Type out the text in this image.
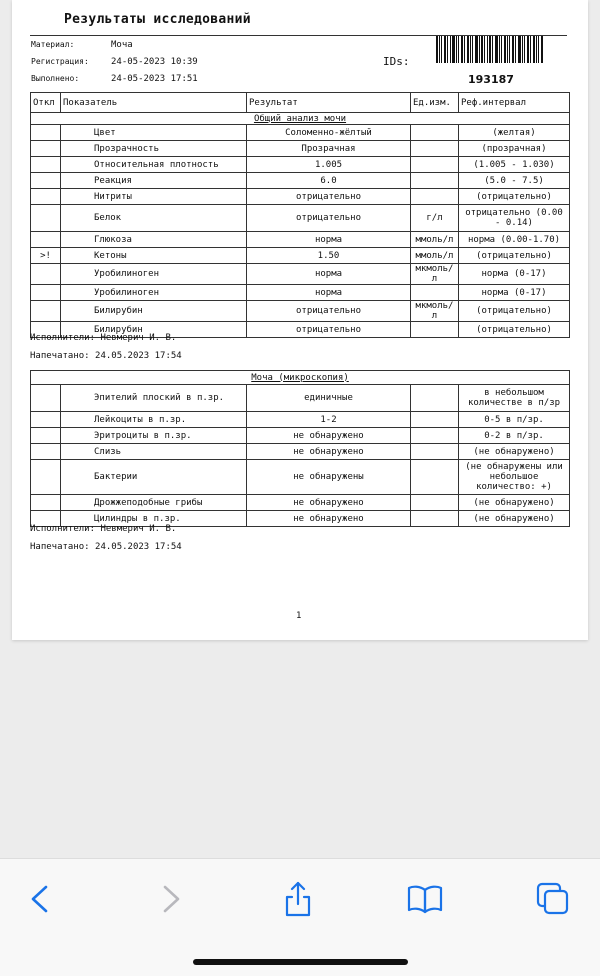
Результаты исследований
Материал:	Моча
Регистрация: 24-05-2023 10:39
Выполнено:	24-05-2023 17:51
IDs:
193187
Откл	Показатель	Результат	Ед.изм.	Реф.интервал
Общий анализ мочи				
	Цвет	Соломенно-жёлтый		(желтая)
	Прозрачность	Прозрачная		(прозрачная)
	Относительная плотность	1.005		(1.005 - 1.030)
	Реакция	6.0		(5.0 - 7.5)
	Нитриты	отрицательно		(отрицательно)
	Белок	отрицательно	г/л	отрицательно (0.00 - 0.14)
	Глюкоза	норма	ммоль/л	норма (0.00-1.70)
>!	Кетоны	1.50	ммоль/л	(отрицательно)
	Уробилиноген	норма	мкмоль/л	норма (0-17)
	Уробилиноген	норма		норма (0-17)
	Билирубин	отрицательно	мкмоль/л	(отрицательно)
	Билирубин	отрицательно		(отрицательно)
Исполнители: Невмерич И. В.
Напечатано: 24.05.2023 17:54
Моча (микроскопия)				
	Эпителий плоский в п.зр.	единичные		в небольшом количестве в п/зр
	Лейкоциты в п.зр.	1-2		0-5 в п/зр.
	Эритроциты в п.зр.	не обнаружено		0-2 в п/зр.
	Слизь	не обнаружено		(не обнаружено)
	Бактерии	не обнаружены		(не обнаружены или небольшое количество: +)
	Дрожжеподобные грибы	не обнаружено		(не обнаружено)
	Цилиндры в п.зр.	не обнаружено		(не обнаружено)
Исполнители: Невмерич И. В.
Напечатано: 24.05.2023 17:54
1
